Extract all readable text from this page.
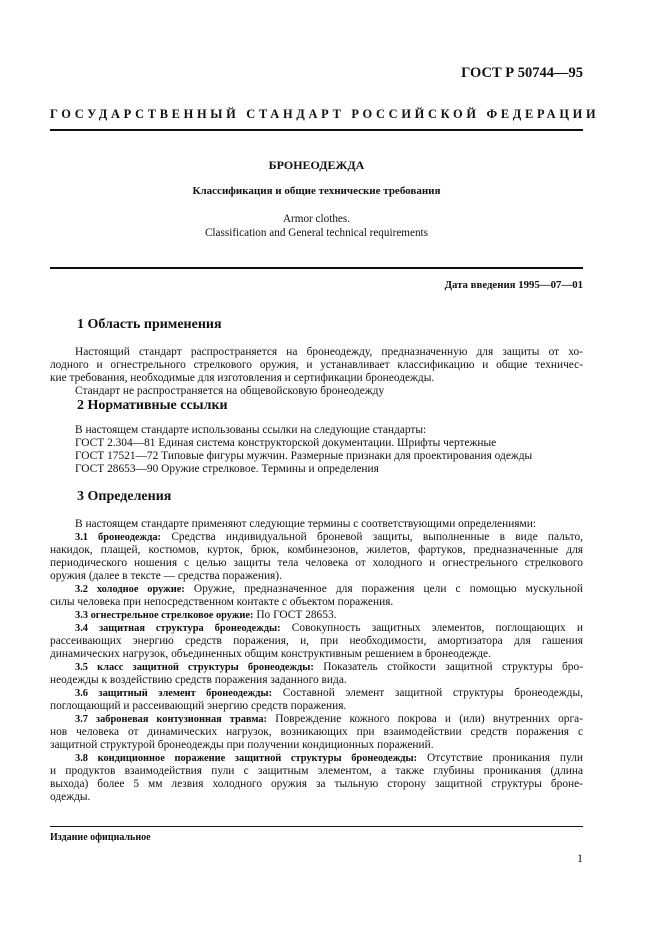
ГОСТ Р 50744—95
ГОСУДАРСТВЕННЫЙ СТАНДАРТ РОССИЙСКОЙ ФЕДЕРАЦИИ
БРОНЕОДЕЖДА
Классификация и общие технические требования
Armor clothes.
Classification and General technical requirements
Дата введения 1995—07—01
1 Область применения
Настоящий стандарт распространяется на бронеодежду, предназначенную для защиты от хо-
лодного и огнестрельного стрелкового оружия, и устанавливает классификацию и общие техничес-
кие требования, необходимые для изготовления и сертификации бронеодежды.
Стандарт не распространяется на общевойсковую бронеодежду
2 Нормативные ссылки
В настоящем стандарте использованы ссылки на следующие стандарты:
ГОСТ 2.304—81 Единая система конструкторской документации. Шрифты чертежные
ГОСТ 17521—72 Типовые фигуры мужчин. Размерные признаки для проектирования одежды
ГОСТ 28653—90 Оружие стрелковое. Термины и определения
3 Определения
В настоящем стандарте применяют следующие термины с соответствующими определениями:
3.1 бронеодежда: Средства индивидуальной броневой защиты, выполненные в виде пальто,
накидок, плащей, костюмов, курток, брюк, комбинезонов, жилетов, фартуков, предназначенные для
периодического ношения с целью защиты тела человека от холодного и огнестрельного стрелкового
оружия (далее в тексте — средства поражения).
3.2 холодное оружие: Оружие, предназначенное для поражения цели с помощью мускульной
силы человека при непосредственном контакте с объектом поражения.
3.3 огнестрельное стрелковое оружие: По ГОСТ 28653.
3.4 защитная структура бронеодежды: Совокупность защитных элементов, поглощающих и
рассеивающих энергию средств поражения, и, при необходимости, амортизатора для гашения
динамических нагрузок, объединенных общим конструктивным решением в бронеодежде.
3.5 класс защитной структуры бронеодежды: Показатель стойкости защитной структуры бро-
неодежды к воздействию средств поражения заданного вида.
3.6 защитный элемент бронеодежды: Составной элемент защитной структуры бронеодежды,
поглощающий и рассеивающий энергию средств поражения.
3.7 заброневая контузионная травма: Повреждение кожного покрова и (или) внутренних орга-
нов человека от динамических нагрузок, возникающих при взаимодействии средств поражения с
защитной структурой бронеодежды при получении кондиционных поражений.
3.8 кондиционное поражение защитной структуры бронеодежды: Отсутствие проникания пули
и продуктов взаимодействия пули с защитным элементом, а также глубины проникания (длина
выхода) более 5 мм лезвия холодного оружия за тыльную сторону защитной структуры броне-
одежды.
Издание официальное
1
